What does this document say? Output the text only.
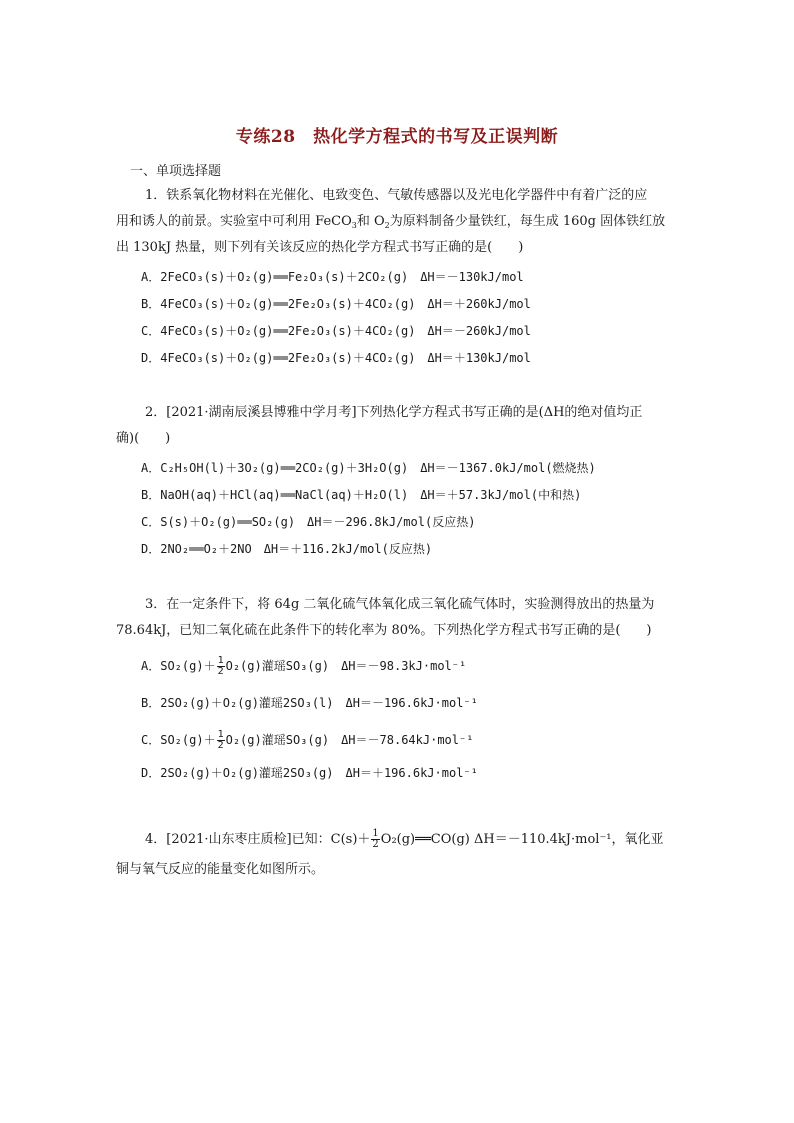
专练28　热化学方程式的书写及正误判断
一、单项选择题
1．铁系氧化物材料在光催化、电致变色、气敏传感器以及光电化学器件中有着广泛的应
用和诱人的前景。实验室中可利用 FeCO$_3$和 $O_2$为原料制备少量铁红，每生成 160g 固体铁红放
出 130kJ 热量，则下列有关该反应的热化学方程式书写正确的是(　　)
A．2FeCO₃(s)＋O₂(g)══Fe₂O₃(s)＋2CO₂(g)　ΔH＝－130kJ/mol
B．4FeCO₃(s)＋O₂(g)══2Fe₂O₃(s)＋4CO₂(g)　ΔH＝＋260kJ/mol
C．4FeCO₃(s)＋O₂(g)══2Fe₂O₃(s)＋4CO₂(g)　ΔH＝－260kJ/mol
D．4FeCO₃(s)＋O₂(g)══2Fe₂O₃(s)＋4CO₂(g)　ΔH＝＋130kJ/mol
2．[2021·湖南辰溪县博雅中学月考]下列热化学方程式书写正确的是(ΔH的绝对值均正
确)(　　)
A．C₂H₅OH(l)＋3O₂(g)══2CO₂(g)＋3H₂O(g)　ΔH＝－1367.0kJ/mol(燃烧热)
B．NaOH(aq)＋HCl(aq)══NaCl(aq)＋H₂O(l)　ΔH＝＋57.3kJ/mol(中和热)
C．S(s)＋O₂(g)══SO₂(g)　ΔH＝－296.8kJ/mol(反应热)
D．2NO₂══O₂＋2NO　ΔH＝＋116.2kJ/mol(反应热)
3．在一定条件下，将 64g 二氧化硫气体氧化成三氧化硫气体时，实验测得放出的热量为
78.64kJ，已知二氧化硫在此条件下的转化率为 80%。下列热化学方程式书写正确的是(　　)
A．$SO_2(g)+ \frac{1}{2} O_2(g)$灌瑶SO₃(g)　ΔH＝－98.3kJ·mol⁻¹
B．2SO₂(g)＋O₂(g)灌瑶2SO₃(l)　ΔH＝－196.6kJ·mol⁻¹
C．$SO_2(g)+ \frac{1}{2} O_2(g)$灌瑶SO₃(g)　ΔH＝－78.64kJ·mol⁻¹
D．2SO₂(g)＋O₂(g)灌瑶2SO₃(g)　ΔH＝＋196.6kJ·mol⁻¹
4．[2021·山东枣庄质检]已知：$C(s)+ \frac{1}{2}$ O₂(g)══CO(g) ΔH＝－110.4kJ·mol⁻¹，氧化亚
铜与氧气反应的能量变化如图所示。
